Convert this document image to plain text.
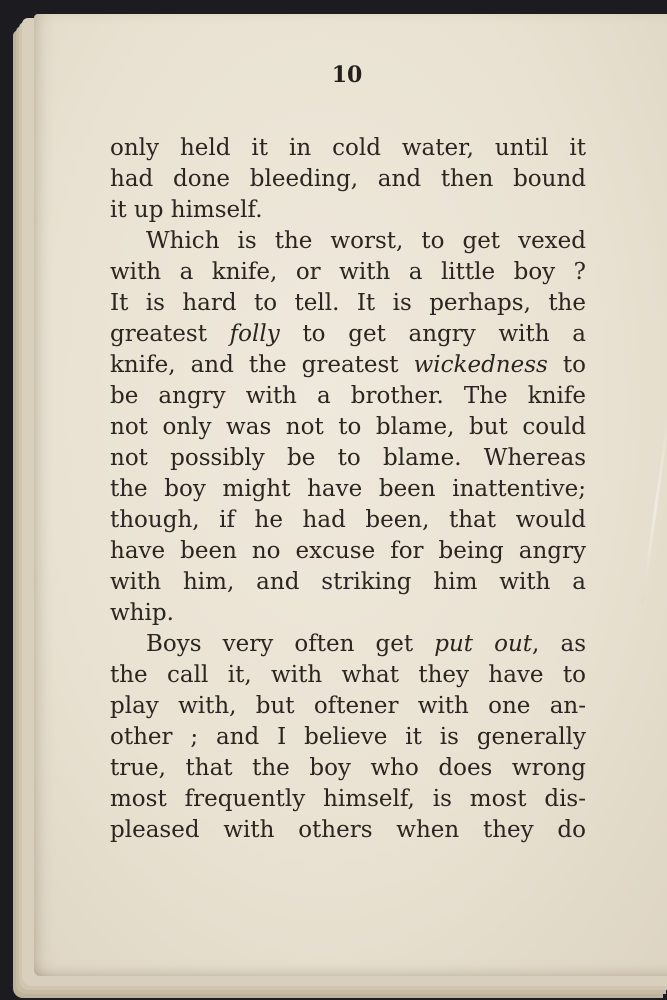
10
only held it in cold water, until it
had done bleeding, and then bound
it up himself.
Which is the worst, to get vexed
with a knife, or with a little boy ?
It is hard to tell. It is perhaps, the
greatest folly to get angry with a
knife, and the greatest wickedness to
be angry with a brother. The knife
not only was not to blame, but could
not possibly be to blame. Whereas
the boy might have been inattentive;
though, if he had been, that would
have been no excuse for being angry
with him, and striking him with a
whip.
Boys very often get put out, as
the call it, with what they have to
play with, but oftener with one an-
other ; and I believe it is generally
true, that the boy who does wrong
most frequently himself, is most dis-
pleased with others when they do
